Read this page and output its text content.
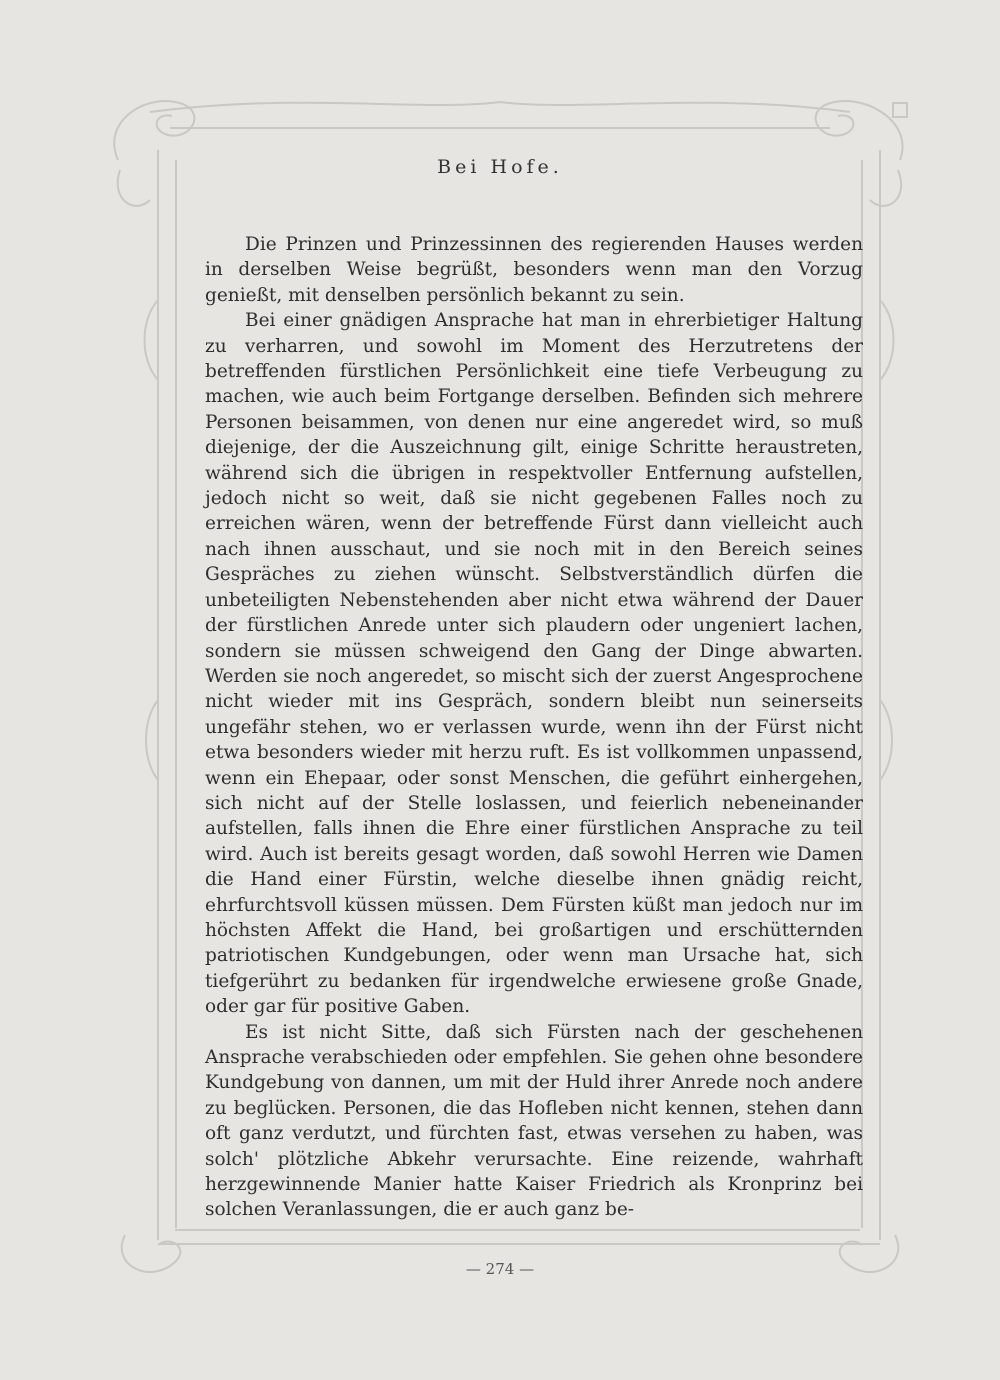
Bei Hofe.

Die Prinzen und Prinzessinnen des regierenden Hauses werden in derselben Weise begrüßt, besonders wenn man den Vorzug genießt, mit denselben persönlich bekannt zu sein.

Bei einer gnädigen Ansprache hat man in ehrerbietiger Haltung zu verharren, und sowohl im Moment des Herzutretens der betreffenden fürstlichen Persönlichkeit eine tiefe Verbeugung zu machen, wie auch beim Fortgange derselben. Befinden sich mehrere Personen beisammen, von denen nur eine angeredet wird, so muß diejenige, der die Auszeichnung gilt, einige Schritte heraustreten, während sich die übrigen in respektvoller Entfernung aufstellen, jedoch nicht so weit, daß sie nicht gegebenen Falles noch zu erreichen wären, wenn der betreffende Fürst dann vielleicht auch nach ihnen ausschaut, und sie noch mit in den Bereich seines Gespräches zu ziehen wünscht. Selbstverständlich dürfen die unbeteiligten Nebenstehenden aber nicht etwa während der Dauer der fürstlichen Anrede unter sich plaudern oder ungeniert lachen, sondern sie müssen schweigend den Gang der Dinge abwarten. Werden sie noch angeredet, so mischt sich der zuerst Angesprochene nicht wieder mit ins Gespräch, sondern bleibt nun seinerseits ungefähr stehen, wo er verlassen wurde, wenn ihn der Fürst nicht etwa besonders wieder mit herzu ruft. Es ist vollkommen unpassend, wenn ein Ehepaar, oder sonst Menschen, die geführt einhergehen, sich nicht auf der Stelle loslassen, und feierlich nebeneinander aufstellen, falls ihnen die Ehre einer fürstlichen Ansprache zu teil wird. Auch ist bereits gesagt worden, daß sowohl Herren wie Damen die Hand einer Fürstin, welche dieselbe ihnen gnädig reicht, ehrfurchtsvoll küssen müssen. Dem Fürsten küßt man jedoch nur im höchsten Affekt die Hand, bei großartigen und erschütternden patriotischen Kundgebungen, oder wenn man Ursache hat, sich tiefgerührt zu bedanken für irgendwelche erwiesene große Gnade, oder gar für positive Gaben.

Es ist nicht Sitte, daß sich Fürsten nach der geschehenen Ansprache verabschieden oder empfehlen. Sie gehen ohne besondere Kundgebung von dannen, um mit der Huld ihrer Anrede noch andere zu beglücken. Personen, die das Hofleben nicht kennen, stehen dann oft ganz verdutzt, und fürchten fast, etwas versehen zu haben, was solch' plötzliche Abkehr verursachte. Eine reizende, wahrhaft herzgewinnende Manier hatte Kaiser Friedrich als Kronprinz bei solchen Veranlassungen, die er auch ganz be-

— 274 —
